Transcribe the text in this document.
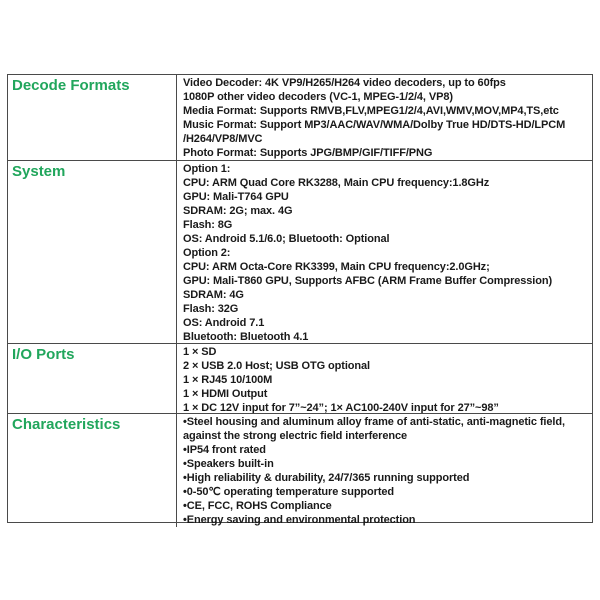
Decode Formats	Video Decoder: 4K VP9/H265/H264 video decoders, up to 60fps
1080P other video decoders (VC-1, MPEG-1/2/4, VP8)
Media Format: Supports RMVB,FLV,MPEG1/2/4,AVI,WMV,MOV,MP4,TS,etc
Music Format: Support MP3/AAC/WAV/WMA/Dolby True HD/DTS-HD/LPCM
/H264/VP8/MVC
Photo Format: Supports JPG/BMP/GIF/TIFF/PNG
System	Option 1:
CPU: ARM Quad Core RK3288, Main CPU frequency:1.8GHz
GPU: Mali-T764 GPU
SDRAM: 2G; max. 4G
Flash: 8G
OS: Android 5.1/6.0; Bluetooth: Optional
Option 2:
CPU: ARM Octa-Core RK3399, Main CPU frequency:2.0GHz;
GPU: Mali-T860 GPU, Supports AFBC (ARM Frame Buffer Compression)
SDRAM: 4G
Flash: 32G
OS: Android 7.1
Bluetooth: Bluetooth 4.1
I/O Ports	1 × SD
2 × USB 2.0 Host; USB OTG optional
1 × RJ45 10/100M
1 × HDMI Output
1 × DC 12V input for 7”~24”; 1× AC100-240V input for 27”~98”
Characteristics	•Steel housing and aluminum alloy frame of anti-static, anti-magnetic field, against the strong electric field interference
•IP54 front rated
•Speakers built-in
•High reliability & durability, 24/7/365 running supported
•0-50℃ operating temperature supported
•CE, FCC, ROHS Compliance
•Energy saving and environmental protection
